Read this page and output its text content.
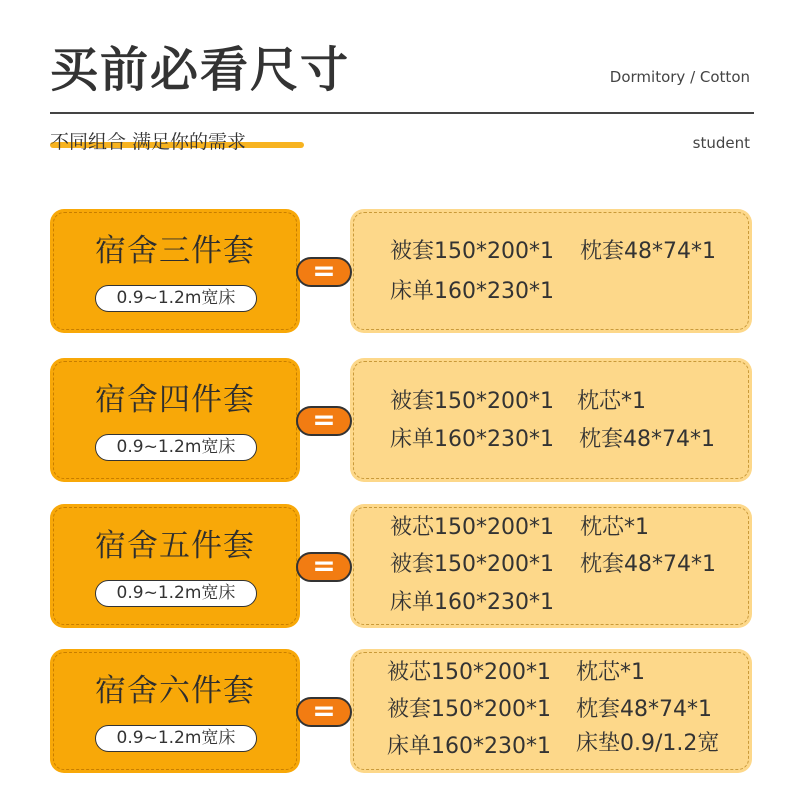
买前必看尺寸	Dormitory / Cotton
不同组合 满足你的需求	student
宿舍三件套
0.9~1.2m宽床
=
被套150*200*1 枕套48*74*1
床单160*230*1
宿舍四件套
0.9~1.2m宽床
=
被套150*200*1 枕芯*1
床单160*230*1 枕套48*74*1
宿舍五件套
0.9~1.2m宽床
=
被芯150*200*1 枕芯*1
被套150*200*1 枕套48*74*1
床单160*230*1
宿舍六件套
0.9~1.2m宽床
=
被芯150*200*1 枕芯*1
被套150*200*1 枕套48*74*1
床单160*230*1 床垫0.9/1.2宽
